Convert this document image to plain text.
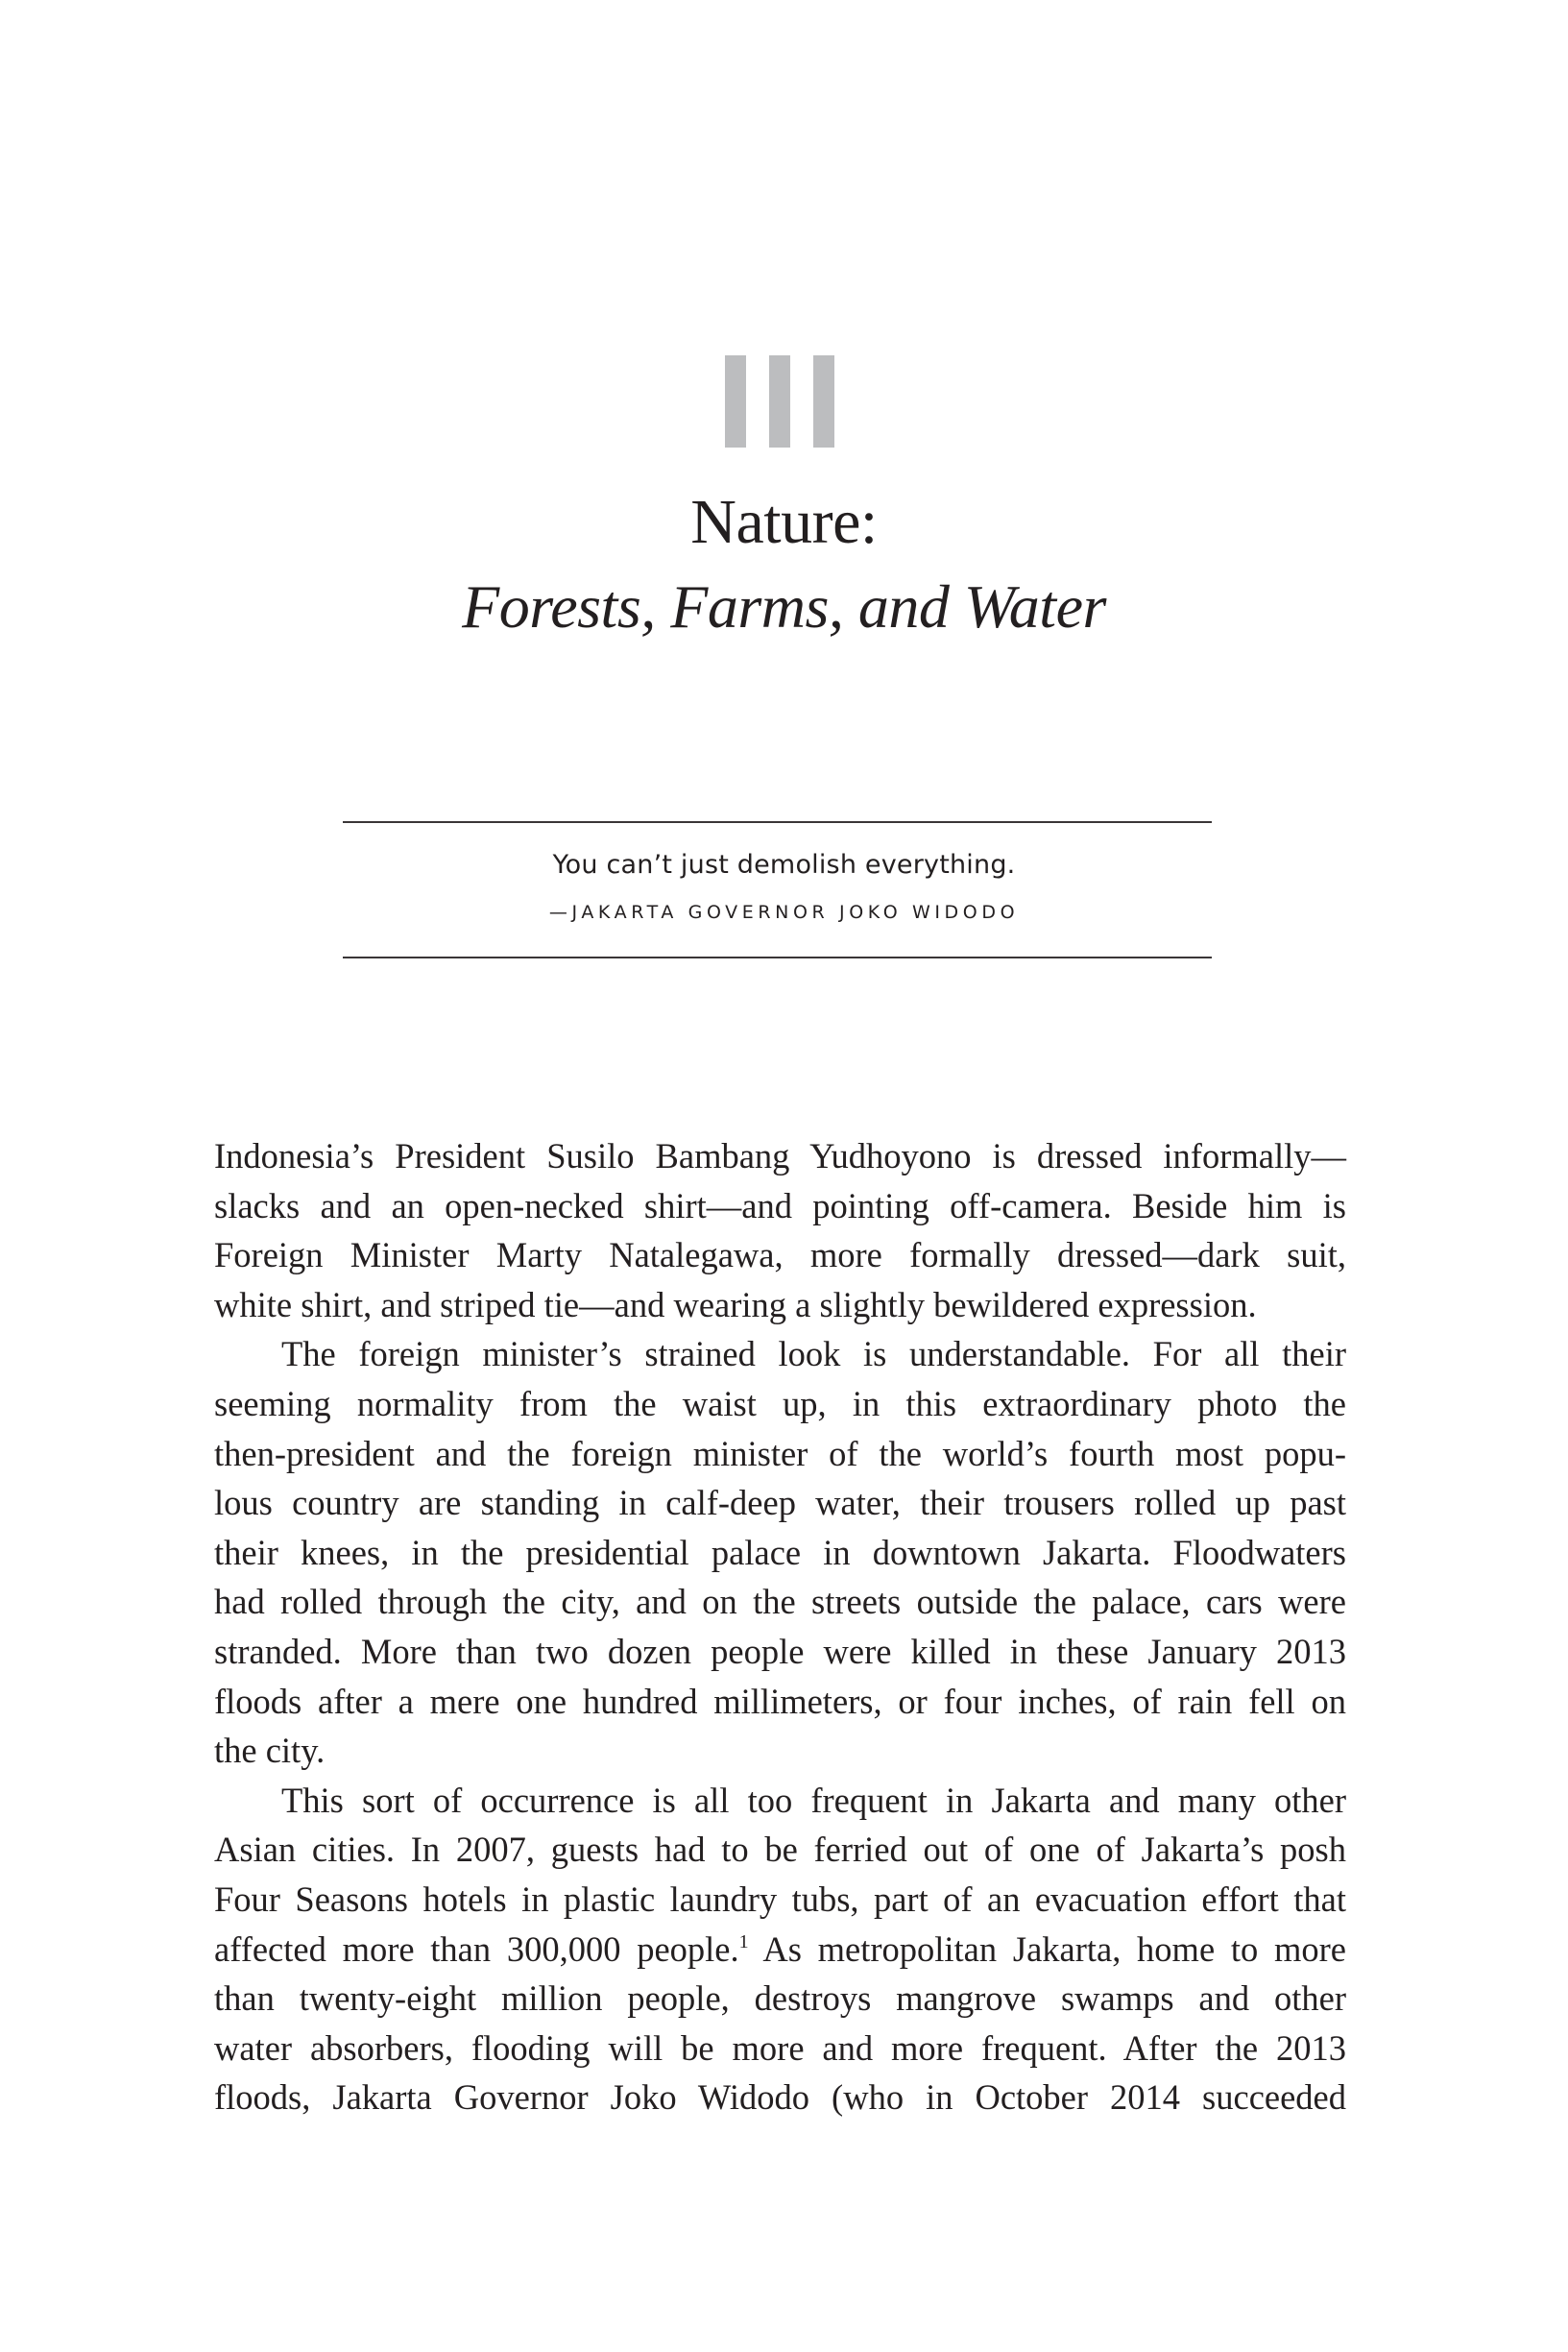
Nature:
Forests, Farms, and Water
You can’t just demolish everything.
—JAKARTA GOVERNOR JOKO WIDODO

Indonesia’s President Susilo Bambang Yudhoyono is dressed informally—
slacks and an open-necked shirt—and pointing off-camera. Beside him is
Foreign Minister Marty Natalegawa, more formally dressed—dark suit,
white shirt, and striped tie—and wearing a slightly bewildered expression.

The foreign minister’s strained look is understandable. For all their
seeming normality from the waist up, in this extraordinary photo the
then-president and the foreign minister of the world’s fourth most popu-
lous country are standing in calf-deep water, their trousers rolled up past
their knees, in the presidential palace in downtown Jakarta. Floodwaters
had rolled through the city, and on the streets outside the palace, cars were
stranded. More than two dozen people were killed in these January 2013
floods after a mere one hundred millimeters, or four inches, of rain fell on
the city.

This sort of occurrence is all too frequent in Jakarta and many other
Asian cities. In 2007, guests had to be ferried out of one of Jakarta’s posh
Four Seasons hotels in plastic laundry tubs, part of an evacuation effort that
affected more than 300,000 people.$^1$ As metropolitan Jakarta, home to more
than twenty-eight million people, destroys mangrove swamps and other
water absorbers, flooding will be more and more frequent. After the 2013
floods, Jakarta Governor Joko Widodo (who in October 2014 succeeded
